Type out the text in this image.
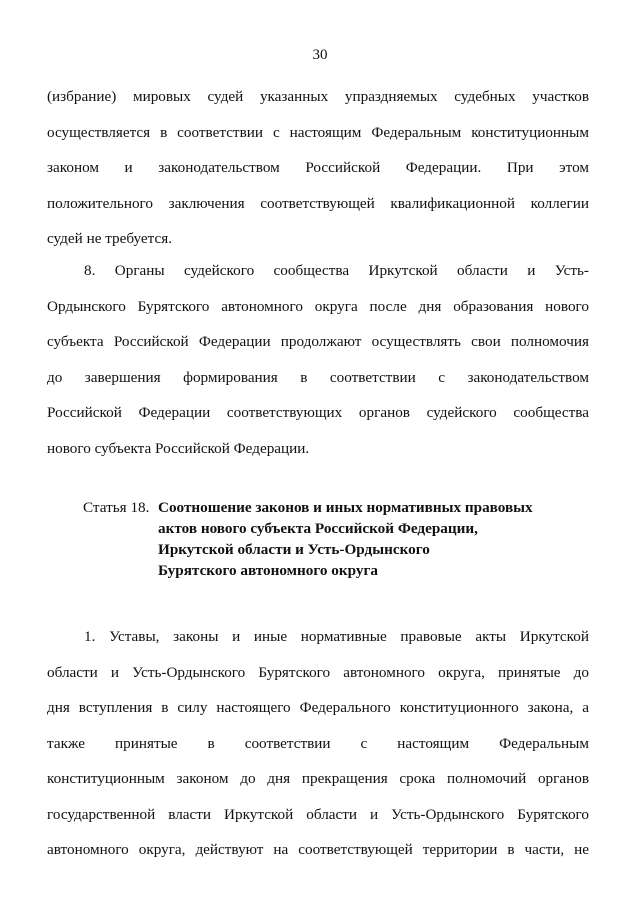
30
(избрание) мировых судей указанных упраздняемых судебных участков
осуществляется в соответствии с настоящим Федеральным конституционным
законом и законодательством Российской Федерации. При этом
положительного заключения соответствующей квалификационной коллегии
судей не требуется.
8. Органы судейского сообщества Иркутской области и Усть-
Ордынского Бурятского автономного округа после дня образования нового
субъекта Российской Федерации продолжают осуществлять свои полномочия
до завершения формирования в соответствии с законодательством
Российской Федерации соответствующих органов судейского сообщества
нового субъекта Российской Федерации.
Статья 18. Соотношение законов и иных нормативных правовых
актов нового субъекта Российской Федерации,
Иркутской области и Усть-Ордынского
Бурятского автономного округа
1. Уставы, законы и иные нормативные правовые акты Иркутской
области и Усть-Ордынского Бурятского автономного округа, принятые до
дня вступления в силу настоящего Федерального конституционного закона, а
также принятые в соответствии с настоящим Федеральным
конституционным законом до дня прекращения срока полномочий органов
государственной власти Иркутской области и Усть-Ордынского Бурятского
автономного округа, действуют на соответствующей территории в части, не
